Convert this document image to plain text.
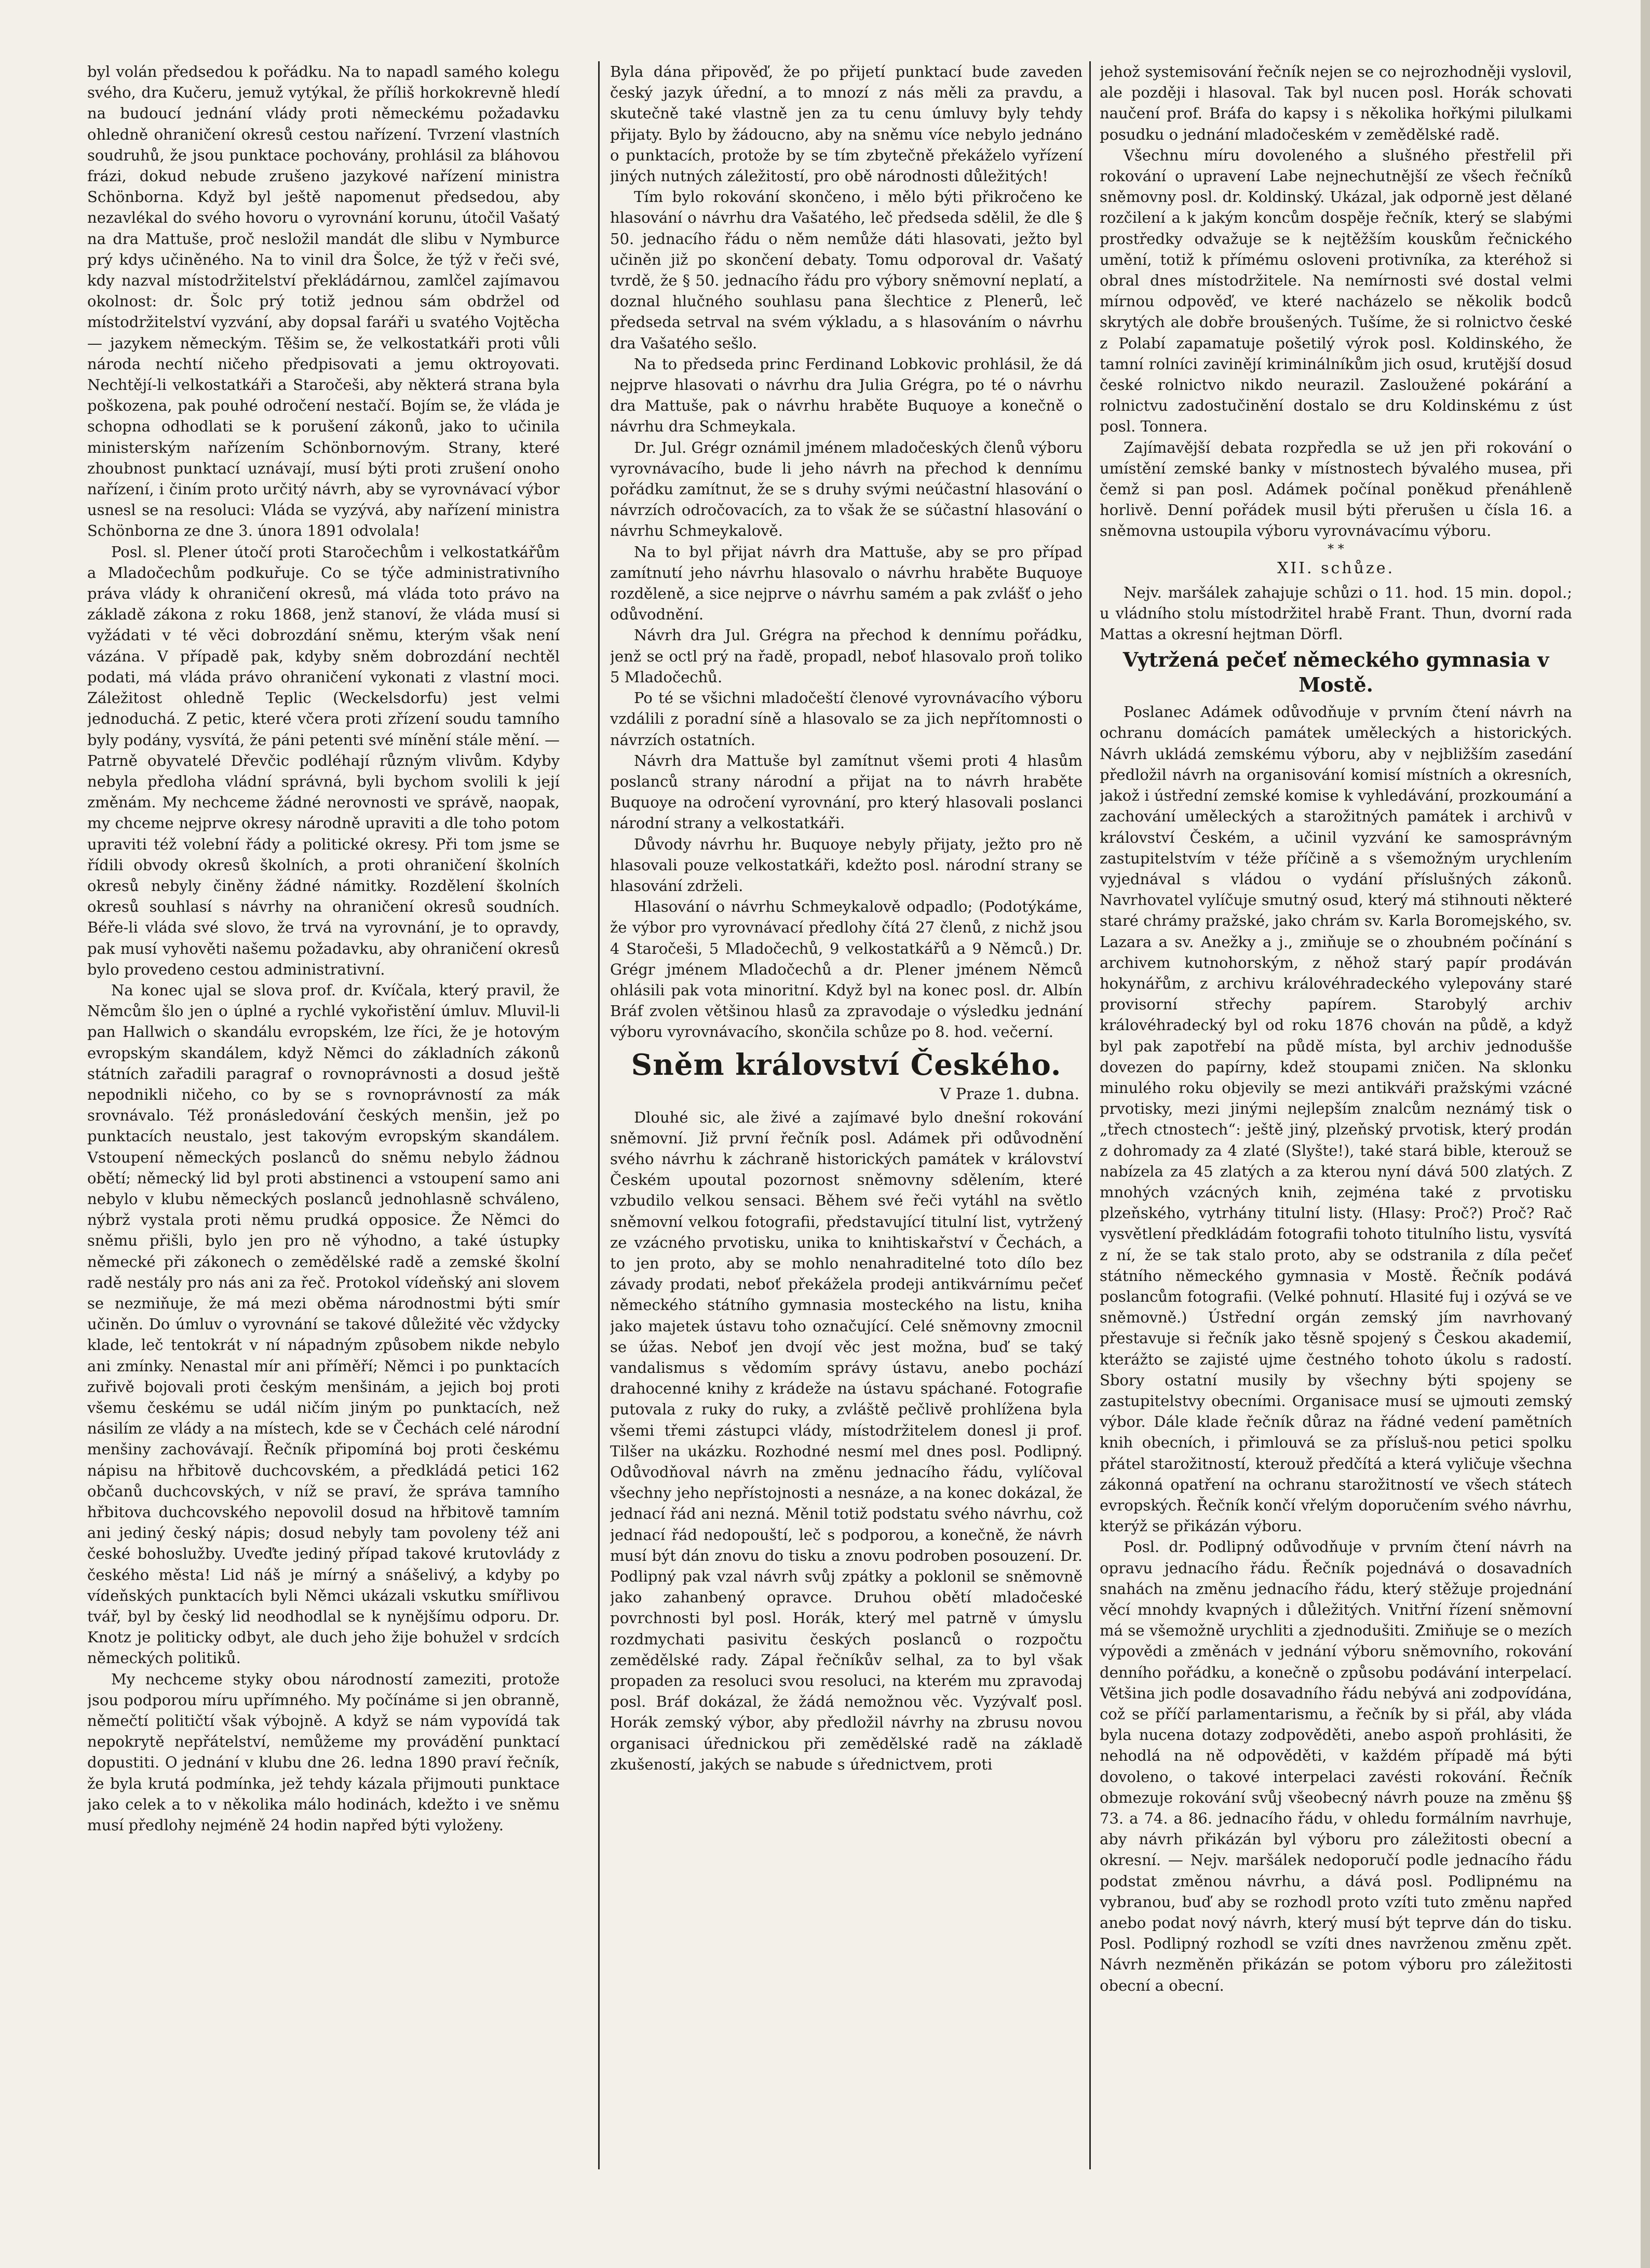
byl volán předsedou k pořádku. Na to napadl samého kolegu svého, dra Kučeru, jemuž vytýkal, že příliš horkokrevně hledí na budoucí jednání vlády proti německému požadavku ohledně ohraničení okresů cestou nařízení. Tvrzení vlastních soudruhů, že jsou punktace pochovány, prohlásil za bláhovou frázi, dokud nebude zrušeno jazykové nařízení ministra Schönborna. Když byl ještě napomenut předsedou, aby nezavlékal do svého hovoru o vyrovnání korunu, útočil Vašatý na dra Mattuše, proč nesložil mandát dle slibu v Nymburce prý kdys učiněného. Na to vinil dra Šolce, že týž v řeči své, kdy nazval místodržitelství překládárnou, zamlčel zajímavou okolnost: dr. Šolc prý totiž jednou sám obdržel od místodržitelství vyzvání, aby dopsal faráři u svatého Vojtěcha — jazykem německým. Těšim se, že velkostatkáři proti vůli národa nechtí ničeho předpisovati a jemu oktroyovati. Nechtějí-li velkostatkáři a Staročeši, aby některá strana byla poškozena, pak pouhé odročení nestačí. Bojím se, že vláda je schopna odhodlati se k porušení zákonů, jako to učinila ministerským nařízením Schönbornovým. Strany, které zhoubnost punktací uznávají, musí býti proti zrušení onoho nařízení, i činím proto určitý návrh, aby se vyrovnávací výbor usnesl se na resoluci: Vláda se vyzývá, aby nařízení ministra Schönborna ze dne 3. února 1891 odvolala!

Posl. sl. Plener útočí proti Staročechům i velkostatkářům a Mladočechům podkuřuje. Co se týče administrativního práva vlády k ohraničení okresů, má vláda toto právo na základě zákona z roku 1868, jenž stanoví, že vláda musí si vyžádati v té věci dobrozdání sněmu, kterým však není vázána. V případě pak, kdyby sněm dobrozdání nechtěl podati, má vláda právo ohraničení vykonati z vlastní moci. Záležitost ohledně Teplic (Weckelsdorfu) jest velmi jednoduchá. Z petic, které včera proti zřízení soudu tamního byly podány, vysvítá, že páni petenti své mínění stále mění. — Patrně obyvatelé Dřevčic podléhají různým vlivům. Kdyby nebyla předloha vládní správná, byli bychom svolili k její změnám. My nechceme žádné nerovnosti ve správě, naopak, my chceme nejprve okresy národně upraviti a dle toho potom upraviti též volební řády a politické okresy. Při tom jsme se řídili obvody okresů školních, a proti ohraničení školních okresů nebyly činěny žádné námitky. Rozdělení školních okresů souhlasí s návrhy na ohraničení okresů soudních. Béře-li vláda své slovo, že trvá na vyrovnání, je to opravdy, pak musí vyhověti našemu požadavku, aby ohraničení okresů bylo provedeno cestou administrativní.

Na konec ujal se slova prof. dr. Kvíčala, který pravil, že Němcům šlo jen o úplné a rychlé vykořistění úmluv. Mluvil-li pan Hallwich o skandálu evropském, lze říci, že je hotovým evropským skandálem, když Němci do základních zákonů státních zařadili paragraf o rovnoprávnosti a dosud ještě nepodnikli ničeho, co by se s rovnoprávností za mák srovnávalo. Též pronásledování českých menšin, jež po punktacích neustalo, jest takovým evropským skandálem. Vstoupení německých poslanců do sněmu nebylo žádnou obětí; německý lid byl proti abstinenci a vstoupení samo ani nebylo v klubu německých poslanců jednohlasně schváleno, nýbrž vystala proti němu prudká opposice. Že Němci do sněmu přišli, bylo jen pro ně výhodno, a také ústupky německé při zákonech o zemědělské radě a zemské školní radě nestály pro nás ani za řeč. Protokol vídeňský ani slovem se nezmiňuje, že má mezi oběma národnostmi býti smír učiněn. Do úmluv o vyrovnání se takové důležité věc vždycky klade, leč tentokrát v ní nápadným způsobem nikde nebylo ani zmínky. Nenastal mír ani příměří; Němci i po punktacích zuřivě bojovali proti českým menšinám, a jejich boj proti všemu českému se udál ničím jiným po punktacích, než násilím ze vlády a na místech, kde se v Čechách celé národní menšiny zachovávají. Řečník připomíná boj proti českému nápisu na hřbitově duchcovském, a předkládá petici 162 občanů duchcovských, v níž se praví, že správa tamního hřbitova duchcovského nepovolil dosud na hřbitově tamním ani jediný český nápis; dosud nebyly tam povoleny též ani české bohoslužby. Uveďte jediný případ takové krutovlády z českého města! Lid náš je mírný a snášelivý, a kdyby po vídeňských punktacích byli Němci ukázali vskutku smířlivou tvář, byl by český lid neodhodlal se k nynějšímu odporu. Dr. Knotz je politicky odbyt, ale duch jeho žije bohužel v srdcích německých politiků.

My nechceme styky obou národností zameziti, protože jsou podporou míru upřímného. My počínáme si jen obranně, němečtí političtí však výbojně. A když se nám vypovídá tak nepokrytě nepřátelství, nemůžeme my provádění punktací dopustiti. O jednání v klubu dne 26. ledna 1890 praví řečník, že byla krutá podmínka, jež tehdy kázala přijmouti punktace jako celek a to v několika málo hodinách, kdežto i ve sněmu musí předlohy nejméně 24 hodin napřed býti vyloženy.

Byla dána připověď, že po přijetí punktací bude zaveden český jazyk úřední, a to mnozí z nás měli za pravdu, a skutečně také vlastně jen za tu cenu úmluvy byly tehdy přijaty. Bylo by žádoucno, aby na sněmu více nebylo jednáno o punktacích, protože by se tím zbytečně překáželo vyřízení jiných nutných záležitostí, pro obě národnosti důležitých!

Tím bylo rokování skončeno, i mělo býti přikročeno ke hlasování o návrhu dra Vašatého, leč předseda sdělil, že dle § 50. jednacího řádu o něm nemůže dáti hlasovati, ježto byl učiněn již po skončení debaty. Tomu odporoval dr. Vašatý tvrdě, že § 50. jednacího řádu pro výbory sněmovní neplatí, a doznal hlučného souhlasu pana šlechtice z Plenerů, leč předseda setrval na svém výkladu, a s hlasováním o návrhu dra Vašatého sešlo.

Na to předseda princ Ferdinand Lobkovic prohlásil, že dá nejprve hlasovati o návrhu dra Julia Grégra, po té o návrhu dra Mattuše, pak o návrhu hraběte Buquoye a konečně o návrhu dra Schmeykala.

Dr. Jul. Grégr oznámil jménem mladočeských členů výboru vyrovnávacího, bude li jeho návrh na přechod k dennímu pořádku zamítnut, že se s druhy svými neúčastní hlasování o návrzích odročovacích, za to však že se súčastní hlasování o návrhu Schmeykalově.

Na to byl přijat návrh dra Mattuše, aby se pro případ zamítnutí jeho návrhu hlasovalo o návrhu hraběte Buquoye rozděleně, a sice nejprve o návrhu samém a pak zvlášť o jeho odůvodnění.

Návrh dra Jul. Grégra na přechod k dennímu pořádku, jenž se octl prý na řadě, propadl, neboť hlasovalo proň toliko 5 Mladočechů.

Po té se všichni mladočeští členové vyrovnávacího výboru vzdálili z poradní síně a hlasovalo se za jich nepřítomnosti o návrzích ostatních.

Návrh dra Mattuše byl zamítnut všemi proti 4 hlasům poslanců strany národní a přijat na to návrh hraběte Buquoye na odročení vyrovnání, pro který hlasovali poslanci národní strany a velkostatkáři.

Důvody návrhu hr. Buquoye nebyly přijaty, ježto pro ně hlasovali pouze velkostatkáři, kdežto posl. národní strany se hlasování zdrželi.

Hlasování o návrhu Schmeykalově odpadlo; (Podotýkáme, že výbor pro vyrovnávací předlohy čítá 27 členů, z nichž jsou 4 Staročeši, 5 Mladočechů, 9 velkostatkářů a 9 Němců.) Dr. Grégr jménem Mladočechů a dr. Plener jménem Němců ohlásili pak vota minoritní. Když byl na konec posl. dr. Albín Bráf zvolen většinou hlasů za zpravodaje o výsledku jednání výboru vyrovnávacího, skončila schůze po 8. hod. večerní.

Sněm království Českého.
V Praze 1. dubna.

Dlouhé sic, ale živé a zajímavé bylo dnešní rokování sněmovní. Již první řečník posl. Adámek při odůvodnění svého návrhu k záchraně historických památek v království Českém upoutal pozornost sněmovny sdělením, které vzbudilo velkou sensaci. Během své řeči vytáhl na světlo sněmovní velkou fotografii, představující titulní list, vytržený ze vzácného prvotisku, unika to knihtiskařství v Čechách, a to jen proto, aby se mohlo nenahraditelné toto dílo bez závady prodati, neboť překážela prodeji antikvárnímu pečeť německého státního gymnasia mosteckého na listu, kniha jako majetek ústavu toho označující. Celé sněmovny zmocnil se úžas. Neboť jen dvojí věc jest možna, buď se taký vandalismus s vědomím správy ústavu, anebo pochází drahocenné knihy z krádeže na ústavu spáchané. Fotografie putovala z ruky do ruky, a zvláště pečlivě prohlížena byla všemi třemi zástupci vlády, místodržitelem donesl ji prof. Tilšer na ukázku. Rozhodné nesmí mel dnes posl. Podlipný. Odůvodňoval návrh na změnu jednacího řádu, vylíčoval všechny jeho nepřístojnosti a nesnáze, a na konec dokázal, že jednací řád ani nezná. Měnil totiž podstatu svého návrhu, což jednací řád nedopouští, leč s podporou, a konečně, že návrh musí být dán znovu do tisku a znovu podroben posouzení. Dr. Podlipný pak vzal návrh svůj zpátky a poklonil se sněmovně jako zahanbený opravce. Druhou obětí mladočeské povrchnosti byl posl. Horák, který mel patrně v úmyslu rozdmychati pasivitu českých poslanců o rozpočtu zemědělské rady. Zápal řečníkův selhal, za to byl však propaden za resoluci svou resoluci, na kterém mu zpravodaj posl. Bráf dokázal, že žádá nemožnou věc. Vyzývalť posl. Horák zemský výbor, aby předložil návrhy na zbrusu novou organisaci úřednickou při zemědělské radě na základě zkušeností, jakých se nabude s úřednictvem, proti

jehož systemisování řečník nejen se co nejrozhodněji vyslovil, ale později i hlasoval. Tak byl nucen posl. Horák schovati naučení prof. Bráfa do kapsy i s několika hořkými pilulkami posudku o jednání mladočeském v zemědělské radě.

Všechnu míru dovoleného a slušného přestřelil při rokování o upravení Labe nejnechutnější ze všech řečníků sněmovny posl. dr. Koldinský. Ukázal, jak odporně jest dělané rozčilení a k jakým koncům dospěje řečník, který se slabými prostředky odvažuje se k nejtěžším kouskům řečnického umění, totiž k přímému osloveni protivníka, za kteréhož si obral dnes místodržitele. Na nemírnosti své dostal velmi mírnou odpověď, ve které nacházelo se několik bodců skrytých ale dobře broušených. Tušíme, že si rolnictvo české z Polabí zapamatuje pošetilý výrok posl. Koldinského, že tamní rolníci zavinějí kriminálníkům jich osud, krutější dosud české rolnictvo nikdo neurazil. Zasloužené pokárání a rolnictvu zadostučinění dostalo se dru Koldinskému z úst posl. Tonnera.

Zajímavější debata rozpředla se už jen při rokování o umístění zemské banky v místnostech bývalého musea, při čemž si pan posl. Adámek počínal poněkud přenáhleně horlivě. Denní pořádek musil býti přerušen u čísla 16. a sněmovna ustoupila výboru vyrovnávacímu výboru.

* *
XII. schůze.

Nejv. maršálek zahajuje schůzi o 11. hod. 15 min. dopol.; u vládního stolu místodržitel hrabě Frant. Thun, dvorní rada Mattas a okresní hejtman Dörfl.

Vytržená pečeť německého gymnasia v Mostě.

Poslanec Adámek odůvodňuje v prvním čtení návrh na ochranu domácích památek uměleckých a historických. Návrh ukládá zemskému výboru, aby v nejbližším zasedání předložil návrh na organisování komisí místních a okresních, jakož i ústřední zemské komise k vyhledávání, prozkoumání a zachování uměleckých a starožitných památek i archivů v království Českém, a učinil vyzvání ke samosprávným zastupitelstvím v téže příčině a s všemožným urychlením vyjednával s vládou o vydání příslušných zákonů. Navrhovatel vylíčuje smutný osud, který má stihnouti některé staré chrámy pražské, jako chrám sv. Karla Boromejského, sv. Lazara a sv. Anežky a j., zmiňuje se o zhoubném počínání s archivem kutnohorským, z něhož starý papír prodáván hokynářům, z archivu královéhradeckého vylepovány staré provisorní střechy papírem. Starobylý archiv královéhradecký byl od roku 1876 chován na půdě, a když byl pak zapotřebí na půdě místa, byl archiv jednodušše dovezen do papírny, kdež stoupami zničen. Na sklonku minulého roku objevily se mezi antikváři pražskými vzácné prvotisky, mezi jinými nejlepším znalcům neznámý tisk o „třech ctnostech“: ještě jiný, plzeňský prvotisk, který prodán z dohromady za 4 zlaté (Slyšte!), také stará bible, kterouž se nabízela za 45 zlatých a za kterou nyní dává 500 zlatých. Z mnohých vzácných knih, zejména také z prvotisku plzeňského, vytrhány titulní listy. (Hlasy: Proč?) Proč? Rač vysvětlení předkládám fotografii tohoto titulního listu, vysvítá z ní, že se tak stalo proto, aby se odstranila z díla pečeť státního německého gymnasia v Mostě. Řečník podává poslancům fotografii. (Velké pohnutí. Hlasité fuj i ozývá se ve sněmovně.) Ústřední orgán zemský jím navrhovaný přestavuje si řečník jako těsně spojený s Českou akademií, kterážto se zajisté ujme čestného tohoto úkolu s radostí. Sbory ostatní musily by všechny býti spojeny se zastupitelstvy obecními. Organisace musí se ujmouti zemský výbor. Dále klade řečník důraz na řádné vedení pamětních knih obecních, i přimlouvá se za přísluš-nou petici spolku přátel starožitností, kterouž předčítá a která vyličuje všechna zákonná opatření na ochranu starožitností ve všech státech evropských. Řečník končí vřelým doporučením svého návrhu, kterýž se přikázán výboru.

Posl. dr. Podlipný odůvodňuje v prvním čtení návrh na opravu jednacího řádu. Řečník pojednává o dosavadních snahách na změnu jednacího řádu, který stěžuje projednání věcí mnohdy kvapných i důležitých. Vnitřní řízení sněmovní má se všemožně urychliti a zjednodušiti. Zmiňuje se o mezích výpovědi a změnách v jednání výboru sněmovního, rokování denního pořádku, a konečně o způsobu podávání interpelací. Většina jich podle dosavadního řádu nebývá ani zodpovídána, což se příčí parlamentarismu, a řečník by si přál, aby vláda byla nucena dotazy zodpověděti, anebo aspoň prohlásiti, že nehodlá na ně odpověděti, v každém případě má býti dovoleno, o takové interpelaci zavésti rokování. Řečník obmezuje rokování svůj všeobecný návrh pouze na změnu §§ 73. a 74. a 86. jednacího řádu, v ohledu formálním navrhuje, aby návrh přikázán byl výboru pro záležitosti obecní a okresní. — Nejv. maršálek nedoporučí podle jednacího řádu podstat změnou návrhu, a dává posl. Podlipnému na vybranou, buď aby se rozhodl proto vzíti tuto změnu napřed anebo podat nový návrh, který musí být teprve dán do tisku. Posl. Podlipný rozhodl se vzíti dnes navrženou změnu zpět. Návrh nezměněn přikázán se potom výboru pro záležitosti obecní a obecní.
